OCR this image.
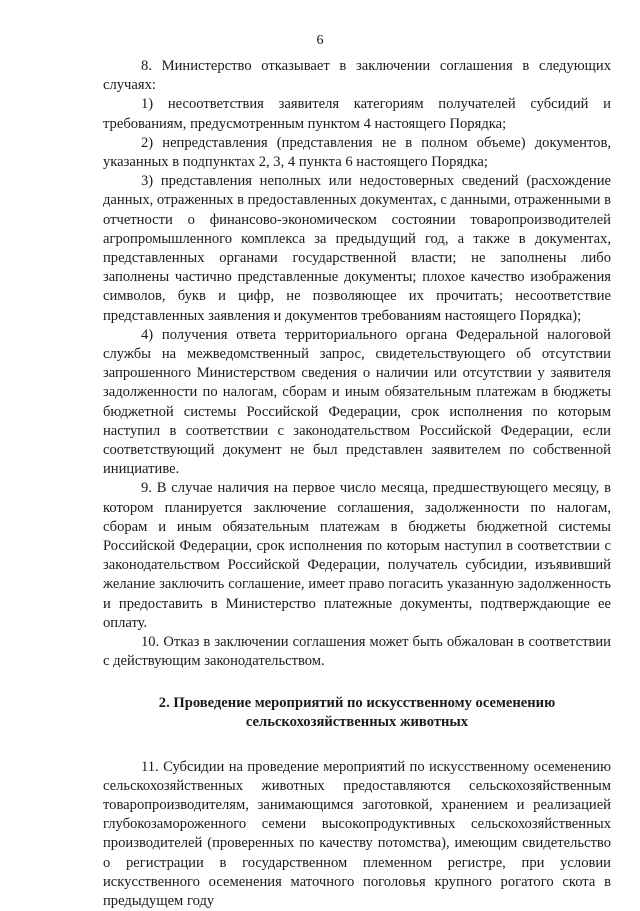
6

8. Министерство отказывает в заключении соглашения в следующих случаях:

1) несоответствия заявителя категориям получателей субсидий и требованиям, предусмотренным пунктом 4 настоящего Порядка;

2) непредставления (представления не в полном объеме) документов, указанных в подпунктах 2, 3, 4 пункта 6 настоящего Порядка;

3) представления неполных или недостоверных сведений (расхождение данных, отраженных в предоставленных документах, с данными, отраженными в отчетности о финансово-экономическом состоянии товаропроизводителей агропромышленного комплекса за предыдущий год, а также в документах, представленных органами государственной власти; не заполнены либо заполнены частично представленные документы; плохое качество изображения символов, букв и цифр, не позволяющее их прочитать; несоответствие представленных заявления и документов требованиям настоящего Порядка);

4) получения ответа территориального органа Федеральной налоговой службы на межведомственный запрос, свидетельствующего об отсутствии запрошенного Министерством сведения о наличии или отсутствии у заявителя задолженности по налогам, сборам и иным обязательным платежам в бюджеты бюджетной системы Российской Федерации, срок исполнения по которым наступил в соответствии с законодательством Российской Федерации, если соответствующий документ не был представлен заявителем по собственной инициативе.

9. В случае наличия на первое число месяца, предшествующего месяцу, в котором планируется заключение соглашения, задолженности по налогам, сборам и иным обязательным платежам в бюджеты бюджетной системы Российской Федерации, срок исполнения по которым наступил в соответствии с законодательством Российской Федерации, получатель субсидии, изъявивший желание заключить соглашение, имеет право погасить указанную задолженность и предоставить в Министерство платежные документы, подтверждающие ее оплату.

10. Отказ в заключении соглашения может быть обжалован в соответствии с действующим законодательством.

2. Проведение мероприятий по искусственному осеменению
сельскохозяйственных животных

11. Субсидии на проведение мероприятий по искусственному осеменению сельскохозяйственных животных предоставляются сельскохозяйственным товаропроизводителям, занимающимся заготовкой, хранением и реализацией глубокозамороженного семени высокопродуктивных сельскохозяйственных производителей (проверенных по качеству потомства), имеющим свидетельство о регистрации в государственном племенном регистре, при условии искусственного осеменения маточного поголовья крупного рогатого скота в предыдущем году
